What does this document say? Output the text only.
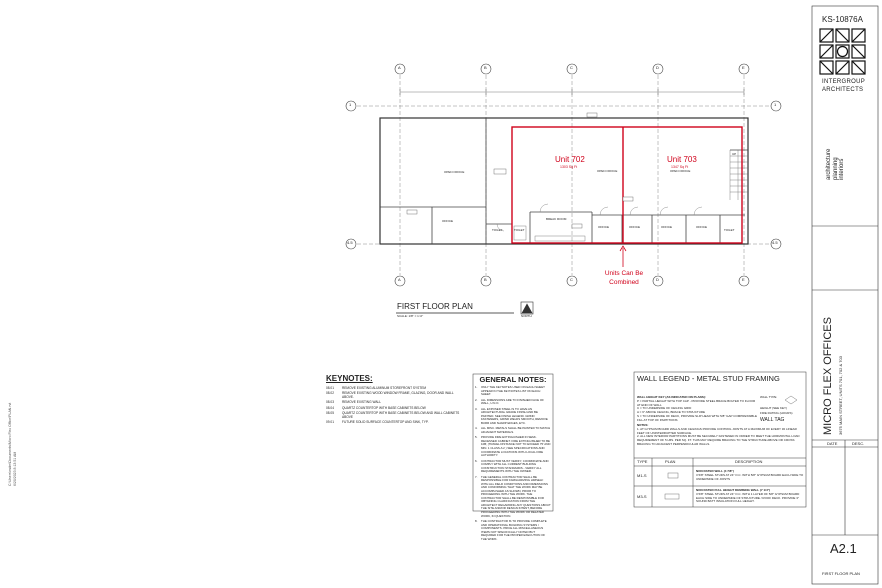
A	B	C	D	E
A	B	C	D	E
1
4.5
1
4.5
OPEN OFFICE
OFFICE
TOILET	TOILET
BREAK ROOM
OPEN OFFICE
OFFICE	OFFICE
OPEN OFFICE
OFFICE	OFFICE
TOILET
UP
Unit 702
1303 Sq Ft
Unit 703
1347 Sq Ft
Units Can Be Combined
FIRST FLOOR PLAN
SCALE: 1/8" = 1'-0"	NORTH
KEYNOTES:
08.01	REMOVE EXISTING ALUMINUM STOREFRONT SYSTEM
08.02	REMOVE EXISTING WOOD WINDOW FRAME, GLAZING, DOOR AND WALL ABOVE.
08.03	REMOVE EXISTING WALL
08.04	QUARTZ COUNTERTOP WITH BASE CABINETS BELOW
08.05	QUARTZ COUNTERTOP WITH BASE CABINETS BELOW AND WALL CABINETS ABOVE
09.01	FUTURE SOLID SURFACE COUNTERTOP AND SINK, TYP.
GENERAL NOTES:
1.	ONLY THE KEYNOTES USED ON EACH SHEET APPEAR IN THE KEYNOTES LIST ON EACH SHEET.
2.	ALL DIMENSIONS ARE TO FINISHED FACE OF WALL, U.N.O.
3.	ALL EXPOSED STEEL IS TO HAVE AN ARCHITECTURAL GRADE FINISH AND BE PAINTED. SEE FINISH LEGEND. GRIND FASTENERS, GRIND WELDS SMOOTH, REMOVE BURR AND SHARP EDGES, ETC.
4.	ALL MISC. METALS SHALL BE PAINTED TO MATCH ADJACENT MATERIALS.
5.	PROVIDE FIRE EXTINGUISHER IN SEMI-RECESSED CABINET. FIRE EXTINGUISHER TO BE 10B; (TRAVEL DISTANCE NOT TO EXCEED 75' AND MIN. 1 CLASS A:2 ) SEE SPECIFICATIONS AND COORDINATE LOCATIONS WITH LOCAL FIRE AUTHORITY.
6.	CONTRACTOR MUST VERIFY, COORDINATE AND COMPLY WITH ALL CURRENT BUILDING CONSTRUCTION STANDARDS - VERIFY ALL REQUIREMENTS WITH THE OWNER.
7.	THE GENERAL CONTRACTOR SHALL BE RESPONSIBLE FOR FAMILIARIZING HIMSELF WITH ALL FIELD CONDITIONS AND DIMENSIONS AND CONFIRMING THAT THE WORK MAY BE ACCOMPLISHED AS SHOWN, PRIOR TO PROCEEDING WITH THE WORK. THE CONTRACTOR SHALL BE RESPONSIBLE FOR OBTAINING CLARIFICATION FROM THE ARCHITECT REGARDING ANY QUESTIONS ABOUT THE SITE AND/OR DESIGN INTENT, BEFORE PROCEEDING WITH THE WORK OR RELATED WORK, IN QUESTION.
8.	THE CONTRACTOR IS TO PROVIDE COMPLETE AND OPERATIONAL BUILDING SYSTEMS / COMPONENTS. PRICE ALL MISCELLANEOUS ITEMS NOT SPECIFICALLY NOTED BUT REQUIRED FOR THE PROPER EXECUTION OF THE WORK.
WALL LEGEND - METAL STUD FRAMING
WALL HEIGHT KEY (AS INDICATED ON PLANS):
P = PARTIAL HEIGHT WITH TOP CAP - PROVIDE STEEL BRACE BOLTED TO FLOOR AT END OF WALL
C = TO UNDERSIDE OF CEILING GRID
A = 6" ABOVE CEILING, BRACE TO STRUCTURE
S = TO UNDERSIDE OF DECK, PROVIDE SLIP HEAD WITH 5/8" GAP COMPRESSIBLE FILL AT TOP OF PARTITIONS
WALL TYPE
HEIGHT (SEE KEY)
FIRE RATING (HOURS)
WALL TAG
NOTES:
1. AT GYPSUM BOARD WALLS AND CEILINGS PROVIDE CONTROL JOINTS AT A MAXIMUM OF EVERY 30 LINEAR FEET OF UNINTERRUPTED SURFACE.
2. ALL NEW INTERIOR PARTITIONS MUST BE SECURELY FASTENED IN ORDER TO MEET THE HORIZONTAL LOAD REQUIREMENT OF 5 LBS. PER SQ. FT. THIS MAY REQUIRE BRACING TO THE STRUCTURE ABOVE OR CROSS BRACING TO ADJACENT PERPENDICULAR WALLS.
TYPE	PLAN	DESCRIPTION
M1-S
NON RATED WALL (4 7/8")
3 5/8" STEEL STUDS AT 24" O.C. WITH 5/8" GYPSUM BOARD EACH SIDE TO UNDERSIDE OF JOISTS
M3-S
NON RATED FULL HEIGHT DEMISING WALL (7 1/4")
3 5/8" STEEL STUDS AT 24" O.C. WITH 1 LAYER OF 5/8" GYPSUM BOARD EACH SIDE TO UNDERSIDE OF STRUCTURE / ROOF DECK. PROVIDE 3" SOUND BATT INSULATION FULL HEIGHT.
KS-10876A
INTERGROUP
ARCHITECTS
architecture planning interiors
MICRO FLEX OFFICES 3675 MAIN STREET, UNITS 701, 702 & 703
DATE	DESC.
A2.1
FIRST FLOOR PLAN
C:\Users\mdm\Documents\Micro Flex Office\PLAN.rvt 6/20/2023 8:13:51 AM
